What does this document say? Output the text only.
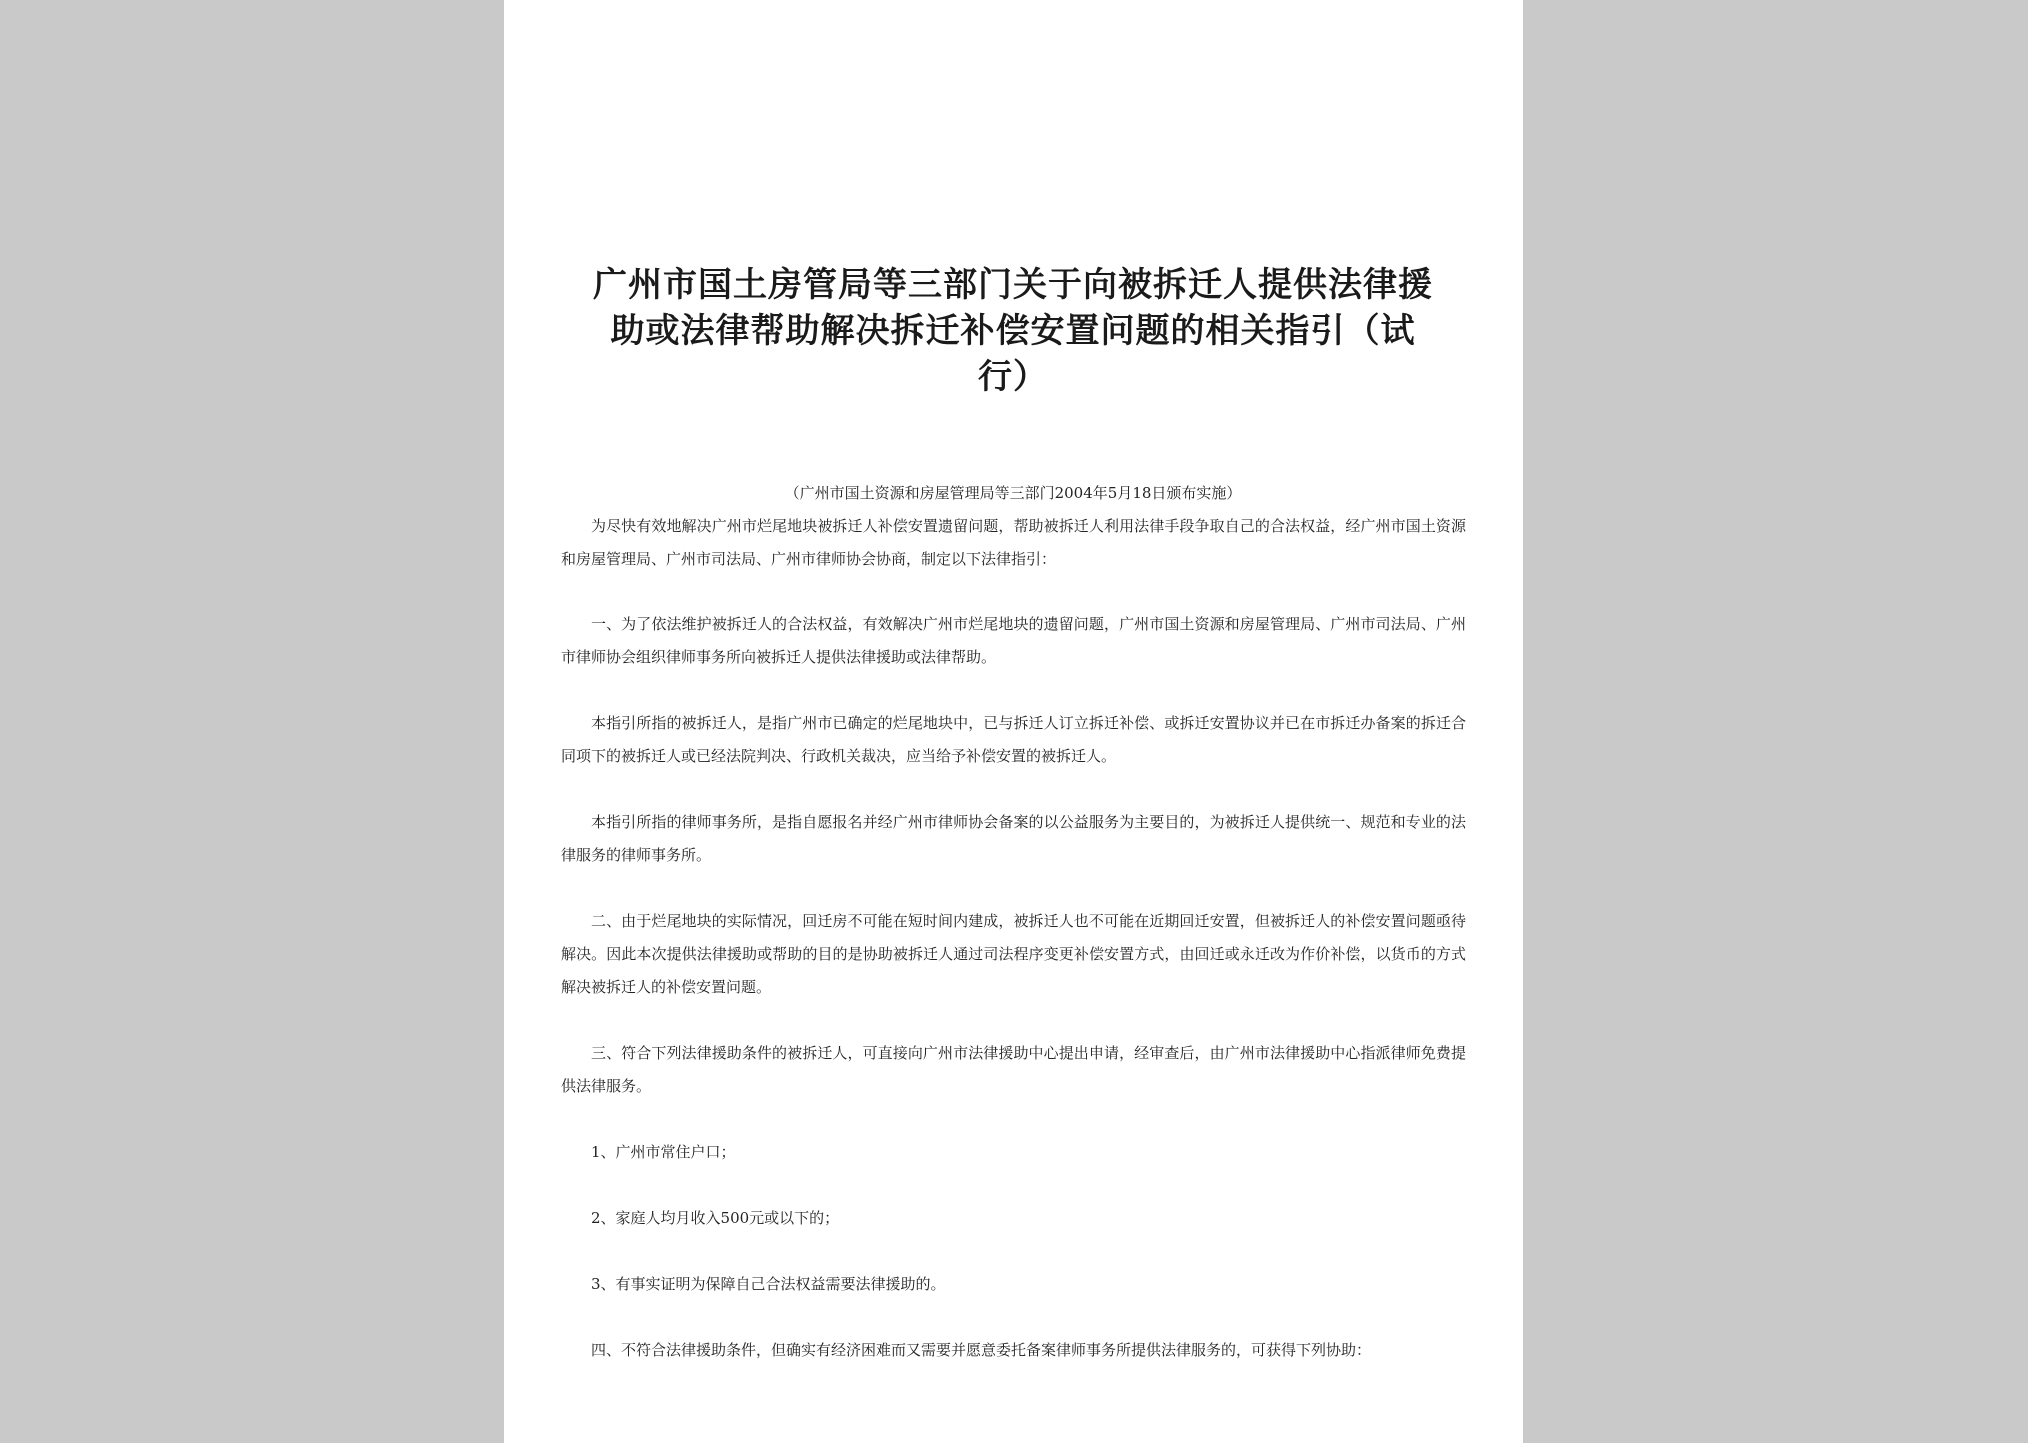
广州市国土房管局等三部门关于向被拆迁人提供法律援
助或法律帮助解决拆迁补偿安置问题的相关指引（试
行）
（广州市国土资源和房屋管理局等三部门2004年5月18日颁布实施）

为尽快有效地解决广州市烂尾地块被拆迁人补偿安置遗留问题，帮助被拆迁人利用法律手段争取自己的合法权益，经广州市国土资源和房屋管理局、广州市司法局、广州市律师协会协商，制定以下法律指引：

一、为了依法维护被拆迁人的合法权益，有效解决广州市烂尾地块的遗留问题，广州市国土资源和房屋管理局、广州市司法局、广州市律师协会组织律师事务所向被拆迁人提供法律援助或法律帮助。

本指引所指的被拆迁人，是指广州市已确定的烂尾地块中，已与拆迁人订立拆迁补偿、或拆迁安置协议并已在市拆迁办备案的拆迁合同项下的被拆迁人或已经法院判决、行政机关裁决，应当给予补偿安置的被拆迁人。

本指引所指的律师事务所，是指自愿报名并经广州市律师协会备案的以公益服务为主要目的，为被拆迁人提供统一、规范和专业的法律服务的律师事务所。

二、由于烂尾地块的实际情况，回迁房不可能在短时间内建成，被拆迁人也不可能在近期回迁安置，但被拆迁人的补偿安置问题亟待解决。因此本次提供法律援助或帮助的目的是协助被拆迁人通过司法程序变更补偿安置方式，由回迁或永迁改为作价补偿，以货币的方式解决被拆迁人的补偿安置问题。

三、符合下列法律援助条件的被拆迁人，可直接向广州市法律援助中心提出申请，经审查后，由广州市法律援助中心指派律师免费提供法律服务。

1、广州市常住户口；

2、家庭人均月收入500元或以下的；

3、有事实证明为保障自己合法权益需要法律援助的。

四、不符合法律援助条件，但确实有经济困难而又需要并愿意委托备案律师事务所提供法律服务的，可获得下列协助：
